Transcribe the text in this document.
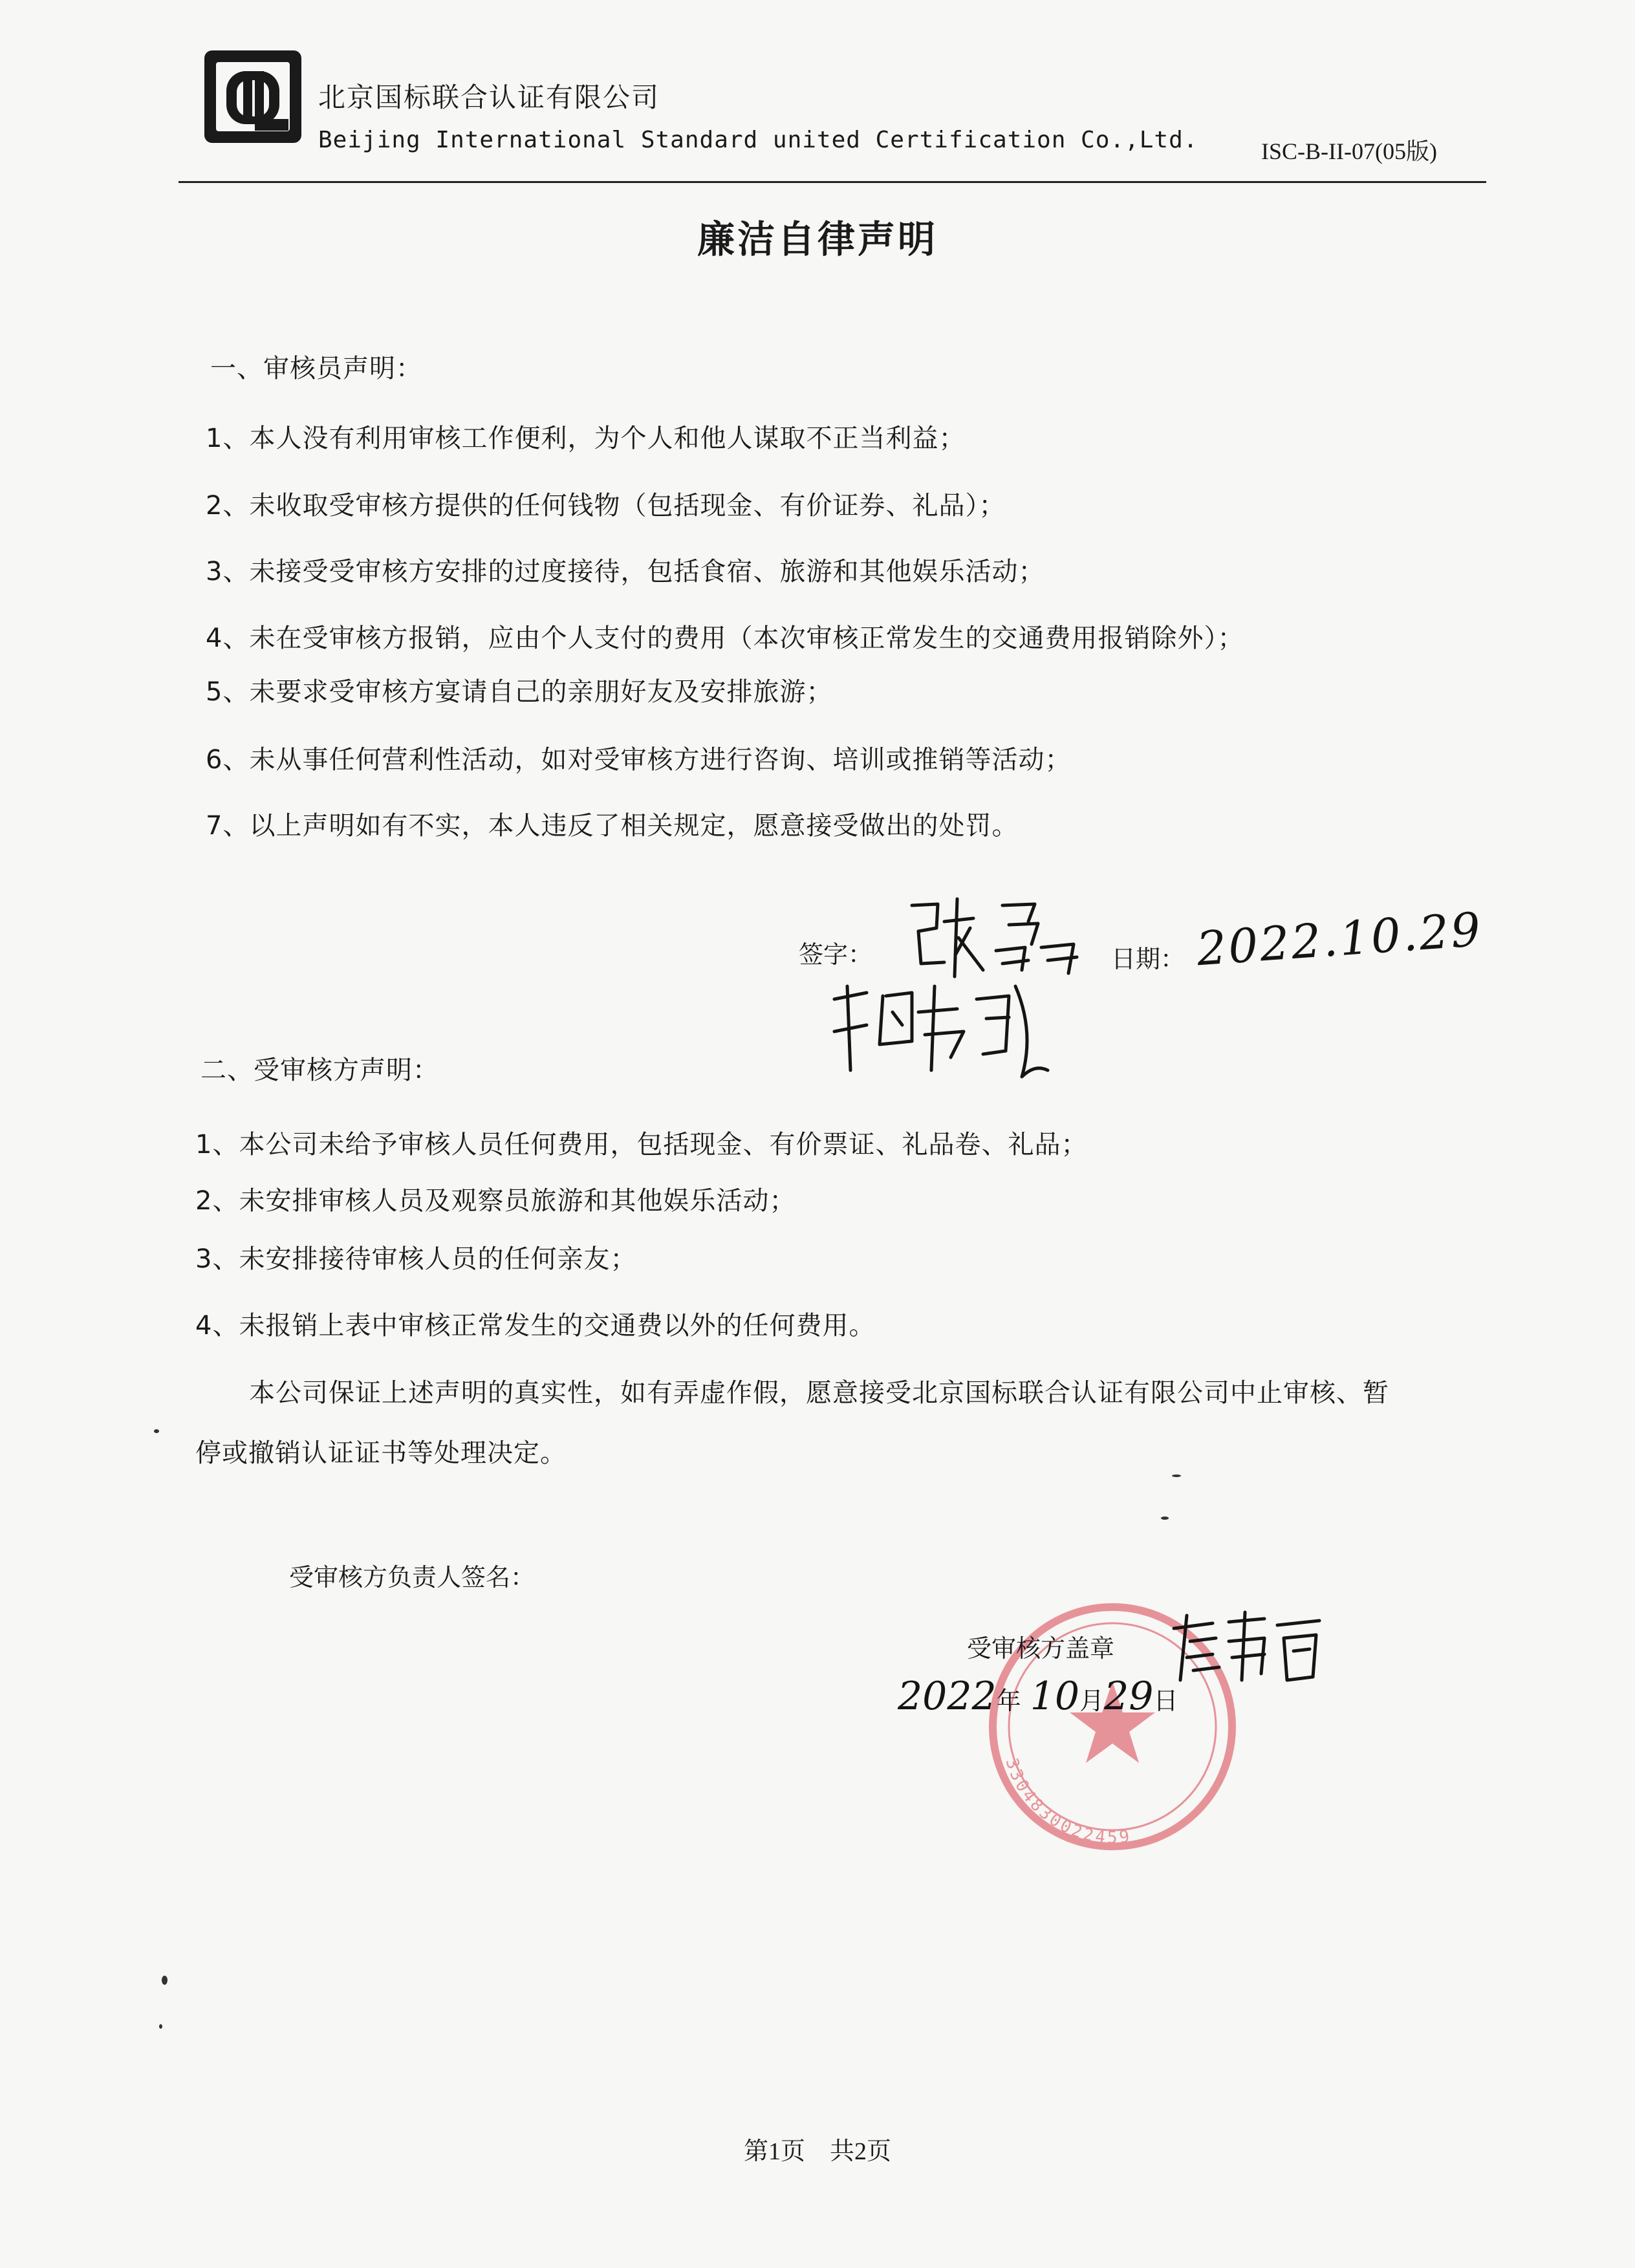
北京国标联合认证有限公司
Beijing International Standard united Certification Co.,Ltd.	ISC-B-II-07(05版)
廉洁自律声明
一、审核员声明：
1、本人没有利用审核工作便利，为个人和他人谋取不正当利益；
2、未收取受审核方提供的任何钱物（包括现金、有价证券、礼品）；
3、未接受受审核方安排的过度接待，包括食宿、旅游和其他娱乐活动；
4、未在受审核方报销，应由个人支付的费用（本次审核正常发生的交通费用报销除外）；
5、未要求受审核方宴请自己的亲朋好友及安排旅游；
6、未从事任何营利性活动，如对受审核方进行咨询、培训或推销等活动；
7、以上声明如有不实，本人违反了相关规定，愿意接受做出的处罚。
签字：	日期： 2022.10.29
二、受审核方声明：
1、本公司未给予审核人员任何费用，包括现金、有价票证、礼品卷、礼品；
2、未安排审核人员及观察员旅游和其他娱乐活动；
3、未安排接待审核人员的任何亲友；
4、未报销上表中审核正常发生的交通费以外的任何费用。
本公司保证上述声明的真实性，如有弄虚作假，愿意接受北京国标联合认证有限公司中止审核、暂
停或撤销认证证书等处理决定。
受审核方负责人签名：
3304830022459
受审核方盖章
2022年 10月29日
第1页　共2页
